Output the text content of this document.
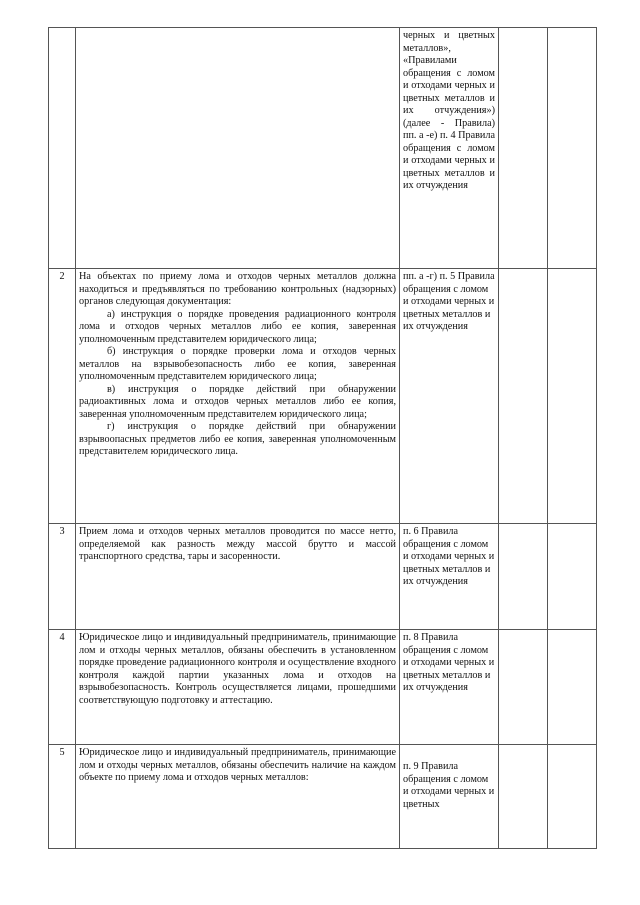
		черных и цветных металлов», «Правилами обращения с ломом и отходами черных и цветных металлов и их отчуждения») (далее - Правила) пп. а -е) п. 4 Правила обращения с ломом и отходами черных и цветных металлов и их отчуждения		
2	На объектах по приему лома и отходов черных металлов должна находиться и предъявляться по требованию контрольных (надзорных) органов следующая документация:

а) инструкция о порядке проведения радиационного контроля лома и отходов черных металлов либо ее копия, заверенная уполномоченным представителем юридического лица;

б) инструкция о порядке проверки лома и отходов черных металлов на взрывобезопасность либо ее копия, заверенная уполномоченным представителем юридического лица;

в) инструкция о порядке действий при обнаружении радиоактивных лома и отходов черных металлов либо ее копия, заверенная уполномоченным представителем юридического лица;

г) инструкция о порядке действий при обнаружении взрывоопасных предметов либо ее копия, заверенная уполномоченным представителем юридического лица.	пп. а -г) п. 5 Правила обращения с ломом и отходами черных и цветных металлов и их отчуждения		
3	Прием лома и отходов черных металлов проводится по массе нетто, определяемой как разность между массой брутто и массой транспортного средства, тары и засоренности.	п. 6 Правила обращения с ломом и отходами черных и цветных металлов и их отчуждения		
4	Юридическое лицо и индивидуальный предприниматель, принимающие лом и отходы черных металлов, обязаны обеспечить в установленном порядке проведение радиационного контроля и осуществление входного контроля каждой партии указанных лома и отходов на взрывобезопасность. Контроль осуществляется лицами, прошедшими соответствующую подготовку и аттестацию.	п. 8 Правила обращения с ломом и отходами черных и цветных металлов и их отчуждения		
5	Юридическое лицо и индивидуальный предприниматель, принимающие лом и отходы черных металлов, обязаны обеспечить наличие на каждом объекте по приему лома и отходов черных металлов:	п. 9 Правила обращения с ломом и отходами черных и цветных		
